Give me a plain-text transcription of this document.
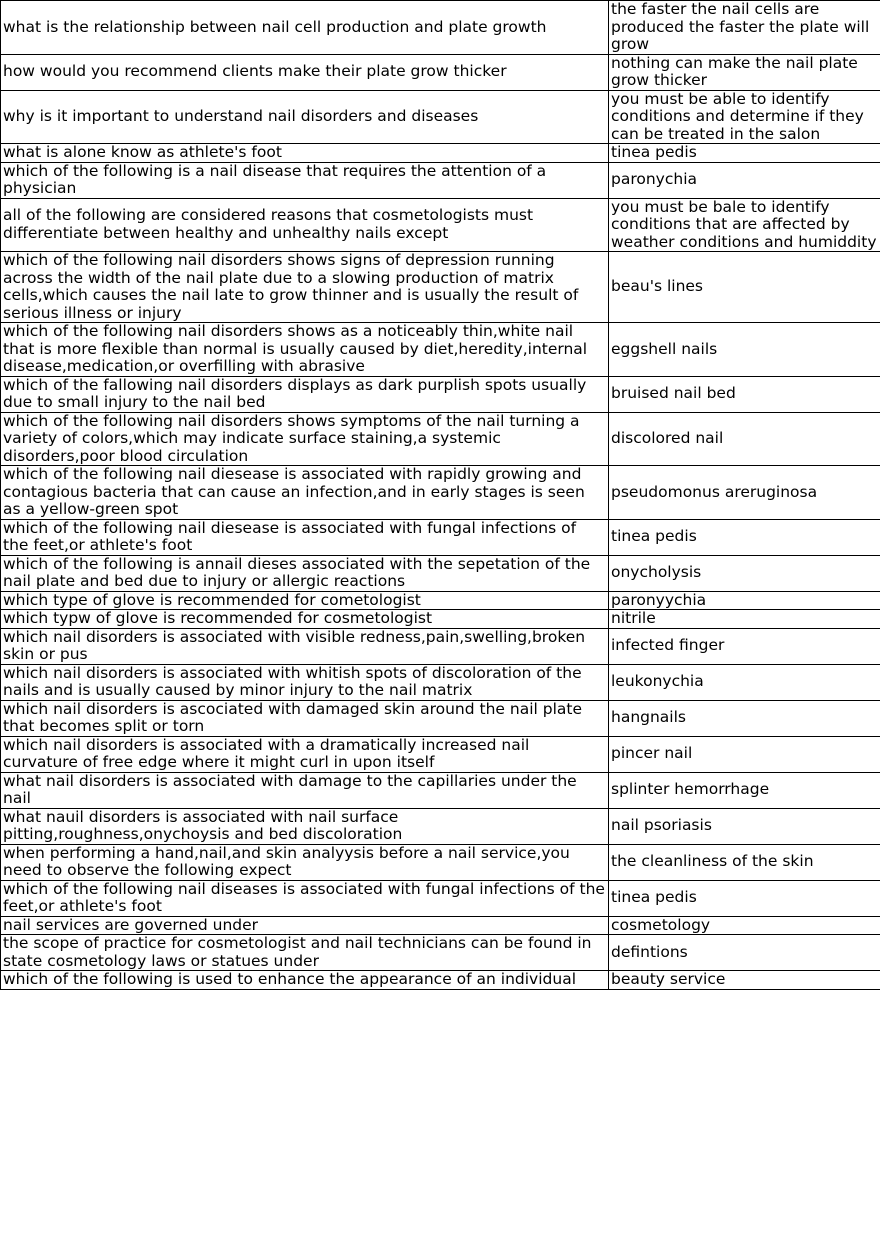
what is the relationship between nail cell production and plate growth	the faster the nail cells are produced the faster the plate will grow
how would you recommend clients make their plate grow thicker	nothing can make the nail plate grow thicker
why is it important to understand nail disorders and diseases	you must be able to identify conditions and determine if they can be treated in the salon
what is alone know as athlete's foot	tinea pedis
which of the following is a nail disease that requires the attention of a physician	paronychia
all of the following are considered reasons that cosmetologists must differentiate between healthy and unhealthy nails except	you must be bale to identify conditions that are affected by weather conditions and humiddity
which of the following nail disorders shows signs of depression running across the width of the nail plate due to a slowing production of matrix cells,which causes the nail late to grow thinner and is usually the result of serious illness or injury	beau's lines
which of the following nail disorders shows as a noticeably thin,white nail that is more flexible than normal is usually caused by diet,heredity,internal disease,medication,or overfilling with abrasive	eggshell nails
which of the fallowing nail disorders displays as dark purplish spots usually due to small injury to the nail bed	bruised nail bed
which of the following nail disorders shows symptoms of the nail turning a variety of colors,which may indicate surface staining,a systemic disorders,poor blood circulation	discolored nail
which of the following nail diesease is associated with rapidly growing and contagious bacteria that can cause an infection,and in early stages is seen as a yellow-green spot	pseudomonus areruginosa
which of the following nail diesease is associated with fungal infections of the feet,or athlete's foot	tinea pedis
which of the following is annail dieses associated with the sepetation of the nail plate and bed due to injury or allergic reactions	onycholysis
which type of glove is recommended for cometologist	paronyychia
which typw of glove is recommended for cosmetologist	nitrile
which nail disorders is associated with visible redness,pain,swelling,broken skin or pus	infected finger
which nail disorders is associated with whitish spots of discoloration of the nails and is usually caused by minor injury to the nail matrix	leukonychia
which nail disorders is ascociated with damaged skin around the nail plate that becomes split or torn	hangnails
which nail disorders is associated with a dramatically increased nail curvature of free edge where it might curl in upon itself	pincer nail
what nail disorders is associated with damage to the capillaries under the nail	splinter hemorrhage
what nauil disorders is associated with nail surface pitting,roughness,onychoysis and bed discoloration	nail psoriasis
when performing a hand,nail,and skin analyysis before a nail service,you need to observe the following expect	the cleanliness of the skin
which of the following nail diseases is associated with fungal infections of the feet,or athlete's foot	tinea pedis
nail services are governed under	cosmetology
the scope of practice for cosmetologist and nail technicians can be found in state cosmetology laws or statues under	defintions
which of the following is used to enhance the appearance of an individual	beauty service
